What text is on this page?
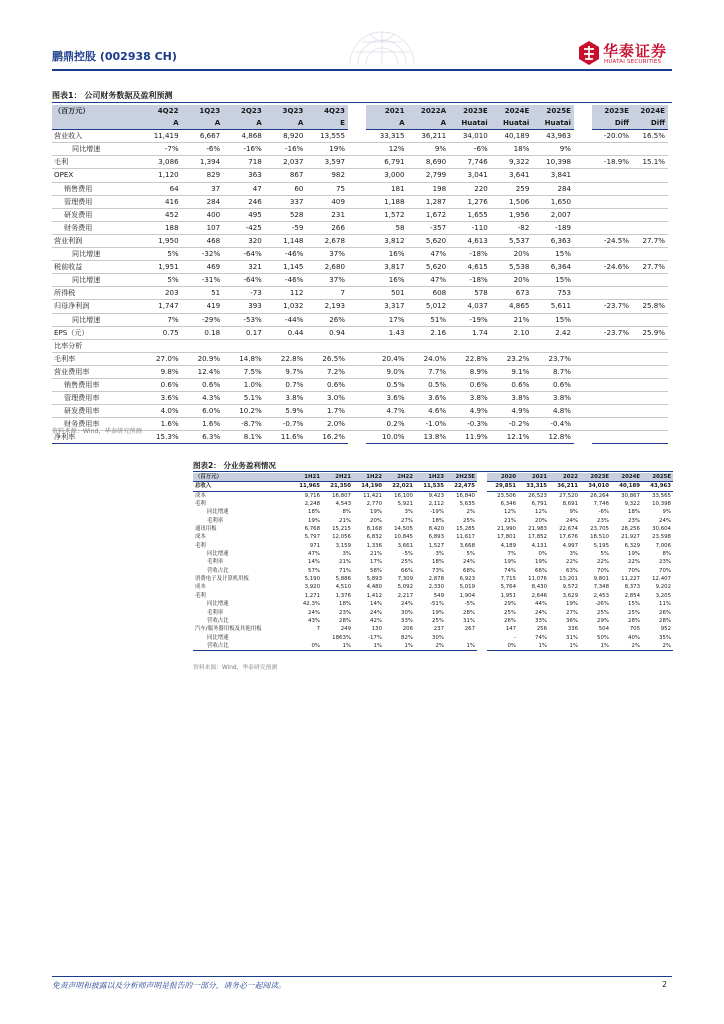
鹏鼎控股 (002938 CH)	华泰证券
HUATAI SECURITIES
图表1： 公司财务数据及盈利预测
（百万元）	4Q22	1Q23	2Q23	3Q23	4Q23		2021	2022A	2023E	2024E	2025E		2023E	2024E
	A	A	A	A	E		A	A	Huatai	Huatai	Huatai		Diff	Diff
营业收入	11,419	6,667	4,868	8,920	13,555		33,315	36,211	34,010	40,189	43,963		-20.0%	16.5%
同比增速	-7%	-6%	-16%	-16%	19%		12%	9%	-6%	18%	9%			
毛利	3,086	1,394	718	2,037	3,597		6,791	8,690	7,746	9,322	10,398		-18.9%	15.1%
OPEX	1,120	829	363	867	982		3,000	2,799	3,041	3,641	3,841			
销售费用	64	37	47	60	75		181	198	220	259	284			
管理费用	416	284	246	337	409		1,188	1,287	1,276	1,506	1,650			
研发费用	452	400	495	528	231		1,572	1,672	1,655	1,956	2,007			
财务费用	188	107	-425	-59	266		58	-357	-110	-82	-189			
营业利润	1,950	468	320	1,148	2,678		3,812	5,620	4,613	5,537	6,363		-24.5%	27.7%
同比增速	5%	-32%	-64%	-46%	37%		16%	47%	-18%	20%	15%			
税前收益	1,951	469	321	1,145	2,680		3,817	5,620	4,615	5,538	6,364		-24.6%	27.7%
同比增速	5%	-31%	-64%	-46%	37%		16%	47%	-18%	20%	15%			
所得税	203	51	-73	112	7		501	608	578	673	753			
归母净利润	1,747	419	393	1,032	2,193		3,317	5,012	4,037	4,865	5,611		-23.7%	25.8%
同比增速	7%	-29%	-53%	-44%	26%		17%	51%	-19%	21%	15%			
EPS（元）	0.75	0.18	0.17	0.44	0.94		1.43	2.16	1.74	2.10	2.42		-23.7%	25.9%
比率分析														
毛利率	27.0%	20.9%	14.8%	22.8%	26.5%		20.4%	24.0%	22.8%	23.2%	23.7%			
营业费用率	9.8%	12.4%	7.5%	9.7%	7.2%		9.0%	7.7%	8.9%	9.1%	8.7%			
销售费用率	0.6%	0.6%	1.0%	0.7%	0.6%		0.5%	0.5%	0.6%	0.6%	0.6%			
管理费用率	3.6%	4.3%	5.1%	3.8%	3.0%		3.6%	3.6%	3.8%	3.8%	3.8%			
研发费用率	4.0%	6.0%	10.2%	5.9%	1.7%		4.7%	4.6%	4.9%	4.9%	4.8%			
财务费用率	1.6%	1.6%	-8.7%	-0.7%	2.0%		0.2%	-1.0%	-0.3%	-0.2%	-0.4%			
净利率	15.3%	6.3%	8.1%	11.6%	16.2%		10.0%	13.8%	11.9%	12.1%	12.8%			
资料来源：Wind，华泰研究预测
图表2： 分业务盈利情况
（百万元）	1H21	2H21	1H22	2H22	1H23	2H23E		2020	2021	2022	2023E	2024E	2025E
总收入	11,965	21,350	14,190	22,021	11,535	22,475		29,851	33,315	36,211	34,010	40,189	43,963
成本	9,716	16,807	11,421	16,100	9,423	16,840		23,506	26,523	27,520	26,264	30,867	33,565
毛利	2,248	4,543	2,770	5,921	2,112	5,635		6,346	6,791	8,691	7,746	9,322	10,398
同比增速	18%	8%	19%	3%	-19%	2%		12%	12%	9%	-6%	18%	9%
毛利率	19%	21%	20%	27%	18%	25%		21%	20%	24%	23%	23%	24%
通讯用板	6,768	15,215	8,168	14,505	8,420	15,285		21,990	21,983	22,674	23,705	28,256	30,604
成本	5,797	12,056	6,832	10,845	6,893	11,617		17,801	17,852	17,676	18,510	21,927	23,598
毛利	971	3,159	1,336	3,661	1,527	3,668		4,189	4,131	4,997	5,195	6,329	7,006
同比增速	47%	3%	21%	-5%	3%	5%		7%	0%	3%	5%	19%	8%
毛利率	14%	21%	17%	25%	18%	24%		19%	19%	22%	22%	22%	23%
营收占比	57%	71%	58%	66%	73%	68%		74%	66%	63%	70%	70%	70%
消费电子及计算机用板	5,190	5,886	5,893	7,309	2,878	6,923		7,715	11,076	13,201	9,801	11,227	12,407
成本	3,920	4,510	4,480	5,092	2,330	5,019		5,764	8,430	9,572	7,348	8,373	9,202
毛利	1,271	1,376	1,412	2,217	549	1,904		1,951	2,646	3,629	2,453	2,854	3,205
同比增速	42.3%	18%	14%	24%	-51%	-5%		29%	44%	19%	-26%	15%	11%
毛利率	24%	23%	24%	30%	19%	28%		25%	24%	27%	25%	25%	26%
营收占比	43%	28%	42%	33%	25%	31%		26%	33%	36%	29%	28%	28%
汽车/服务器用板及其他用板	7	249	130	206	237	267		147	256	336	504	705	952
同比增速		1863%	-17%	82%	30%			-	74%	31%	50%	40%	35%
营收占比	0%	1%	1%	1%	2%	1%		0%	1%	1%	1%	2%	2%
资料来源：Wind，华泰研究预测
免责声明和披露以及分析师声明是报告的一部分，请务必一起阅读。	2
